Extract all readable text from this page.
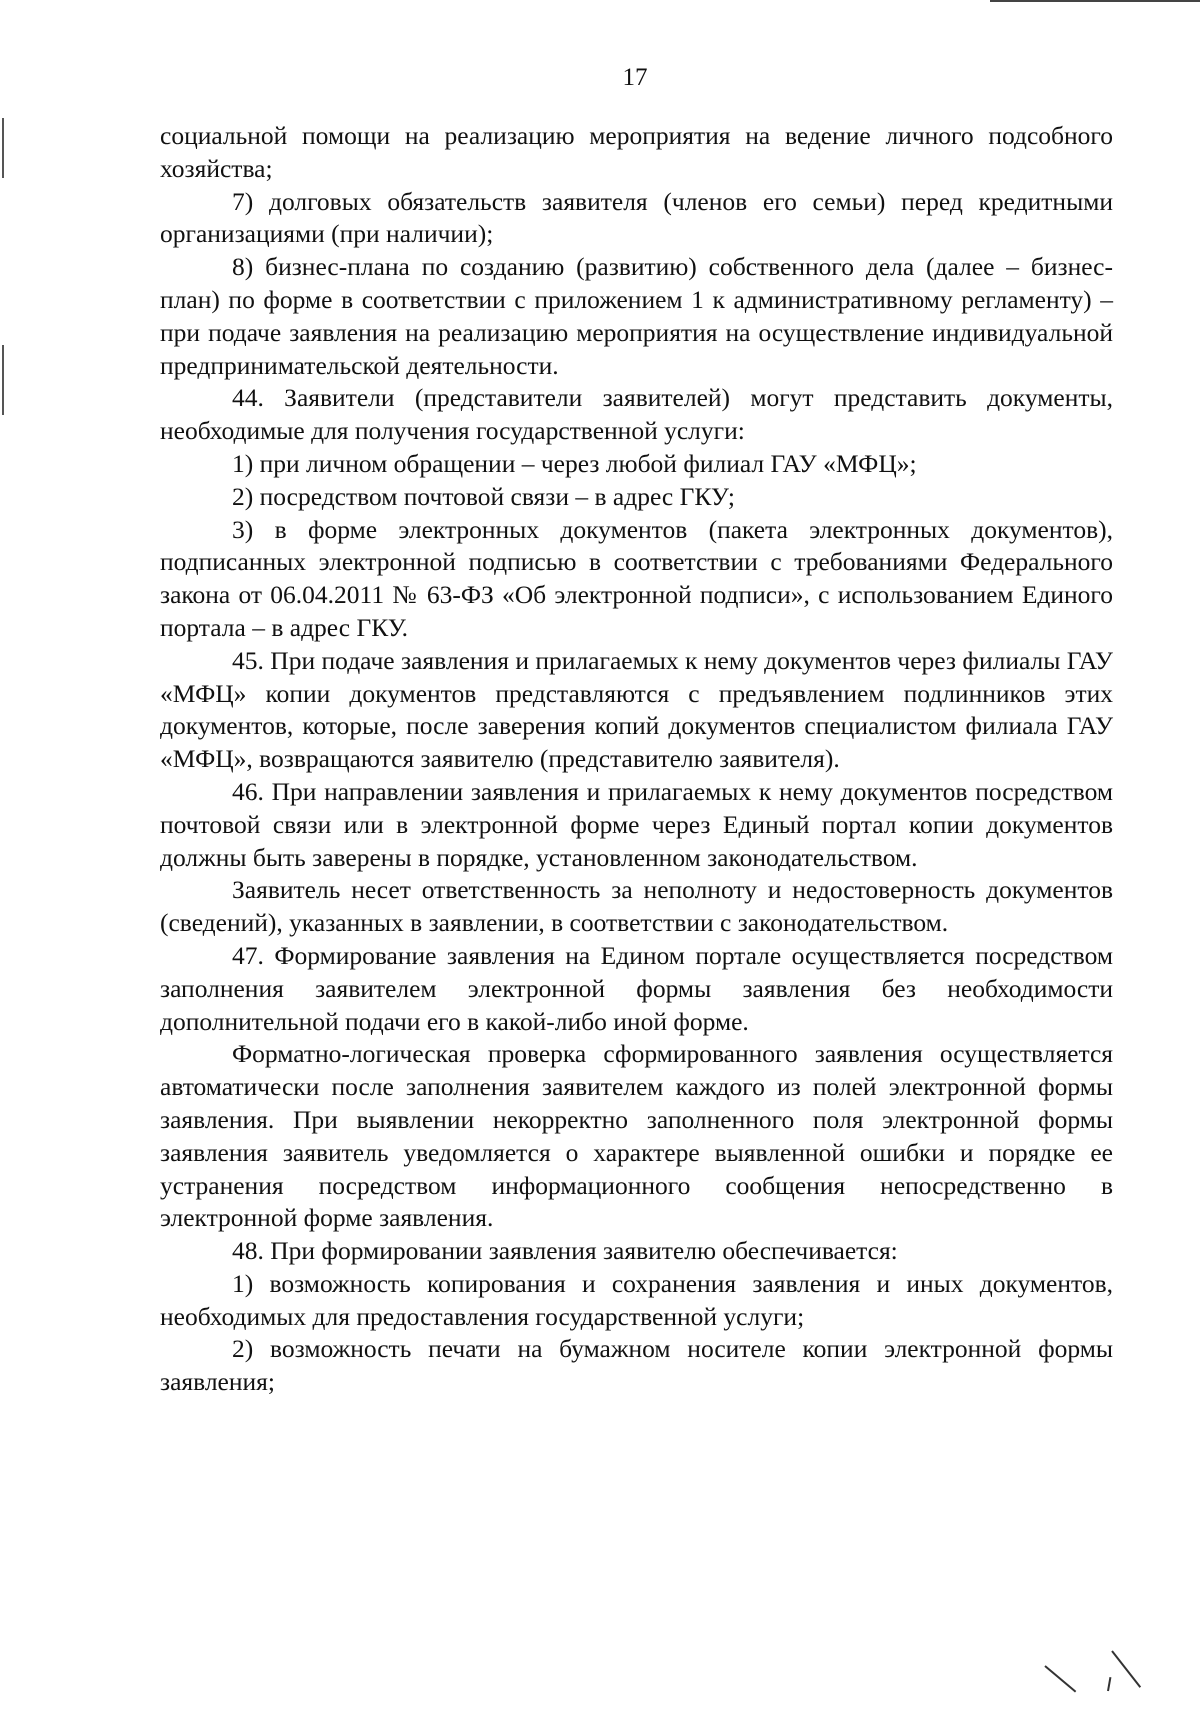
17

социальной помощи на реализацию мероприятия на ведение личного подсобного хозяйства;

7) долговых обязательств заявителя (членов его семьи) перед кредитными организациями (при наличии);

8) бизнес-плана по созданию (развитию) собственного дела (далее – бизнес-план) по форме в соответствии с приложением 1 к административному регламенту) – при подаче заявления на реализацию мероприятия на осуществление индивидуальной предпринимательской деятельности.

44. Заявители (представители заявителей) могут представить документы, необходимые для получения государственной услуги:

1) при личном обращении – через любой филиал ГАУ «МФЦ»;

2) посредством почтовой связи – в адрес ГКУ;

3) в форме электронных документов (пакета электронных документов), подписанных электронной подписью в соответствии с требованиями Федерального закона от 06.04.2011 № 63-ФЗ «Об электронной подписи», с использованием Единого портала – в адрес ГКУ.

45. При подаче заявления и прилагаемых к нему документов через филиалы ГАУ «МФЦ» копии документов представляются с предъявлением подлинников этих документов, которые, после заверения копий документов специалистом филиала ГАУ «МФЦ», возвращаются заявителю (представителю заявителя).

46. При направлении заявления и прилагаемых к нему документов посредством почтовой связи или в электронной форме через Единый портал копии документов должны быть заверены в порядке, установленном законодательством.

Заявитель несет ответственность за неполноту и недостоверность документов (сведений), указанных в заявлении, в соответствии с законодательством.

47. Формирование заявления на Едином портале осуществляется посредством заполнения заявителем электронной формы заявления без необходимости дополнительной подачи его в какой-либо иной форме.

Форматно-логическая проверка сформированного заявления осуществляется автоматически после заполнения заявителем каждого из полей электронной формы заявления. При выявлении некорректно заполненного поля электронной формы заявления заявитель уведомляется о характере выявленной ошибки и порядке ее устранения посредством информационного сообщения непосредственно в электронной форме заявления.

48. При формировании заявления заявителю обеспечивается:

1) возможность копирования и сохранения заявления и иных документов, необходимых для предоставления государственной услуги;

2) возможность печати на бумажном носителе копии электронной формы заявления;
